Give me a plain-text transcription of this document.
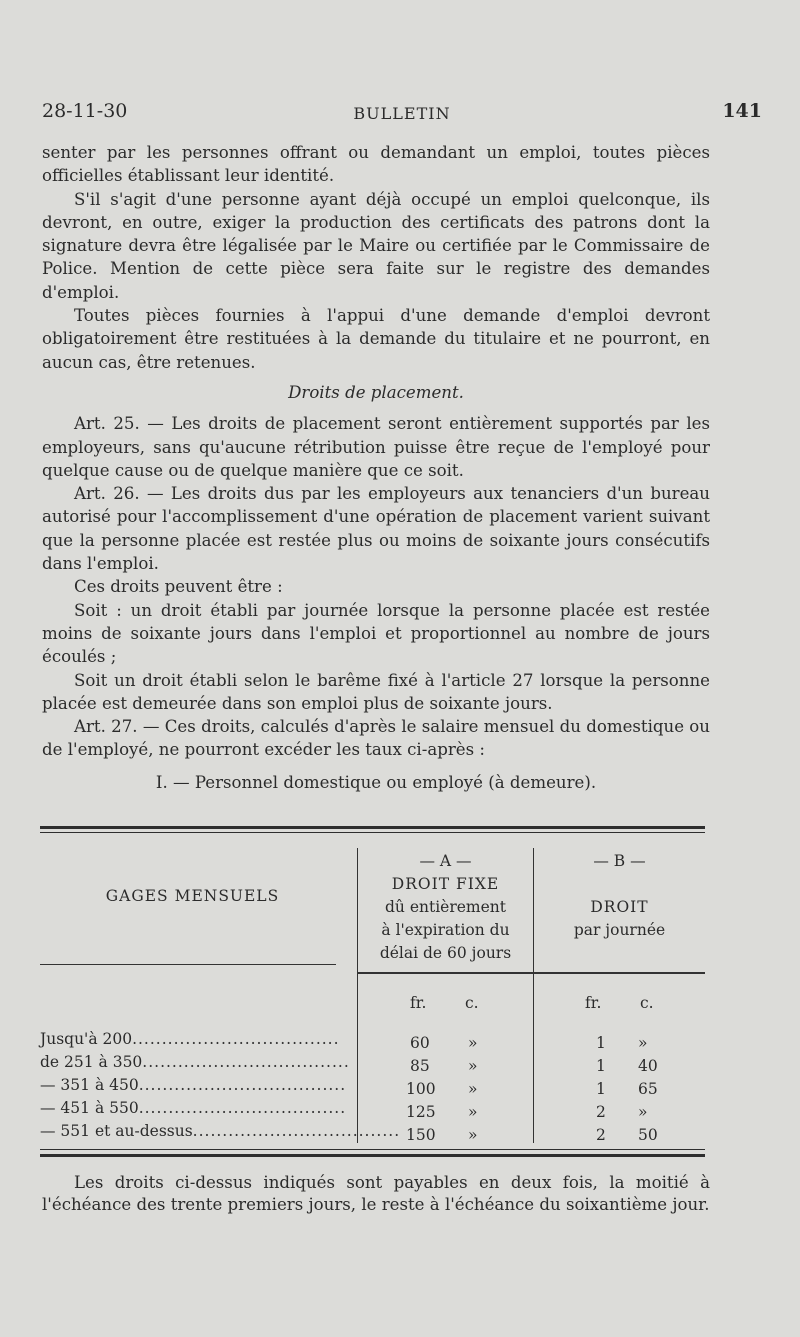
28-11-30	BULLETIN	141

senter par les personnes offrant ou demandant un emploi, toutes pièces officielles établissant leur identité.

S'il s'agit d'une personne ayant déjà occupé un emploi quelconque, ils devront, en outre, exiger la production des certificats des patrons dont la signature devra être légalisée par le Maire ou certifiée par le Commissaire de Police. Mention de cette pièce sera faite sur le registre des demandes d'emploi.

Toutes pièces fournies à l'appui d'une demande d'emploi devront obligatoirement être restituées à la demande du titulaire et ne pourront, en aucun cas, être retenues.

Droits de placement.

Art. 25. — Les droits de placement seront entièrement supportés par les employeurs, sans qu'aucune rétribution puisse être reçue de l'employé pour quelque cause ou de quelque manière que ce soit.

Art. 26. — Les droits dus par les employeurs aux tenanciers d'un bureau autorisé pour l'accomplissement d'une opération de placement varient suivant que la personne placée est restée plus ou moins de soixante jours consécutifs dans l'emploi.

Ces droits peuvent être :

Soit : un droit établi par journée lorsque la personne placée est restée moins de soixante jours dans l'emploi et proportionnel au nombre de jours écoulés ;

Soit un droit établi selon le barême fixé à l'article 27 lorsque la personne placée est demeurée dans son emploi plus de soixante jours.

Art. 27. — Ces droits, calculés d'après le salaire mensuel du domestique ou de l'employé, ne pourront excéder les taux ci-après :

I. — Personnel domestique ou employé (à demeure).

GAGES MENSUELS
— A —
DROIT FIXE
dû entièrement
à l'expiration du
délai de 60 jours
— B —
DROIT
par journée
fr. c.	fr. c.
Jusqu'à 200...................................	60 »	1 »
de 251 à 350...................................	85 »	1 40
— 351 à 450...................................	100 »	1 65
— 451 à 550...................................	125 »	2 »
— 551 et au-dessus................................... 150 »	2 50

Les droits ci-dessus indiqués sont payables en deux fois, la moitié à l'échéance des trente premiers jours, le reste à l'échéance du soixantième jour.
